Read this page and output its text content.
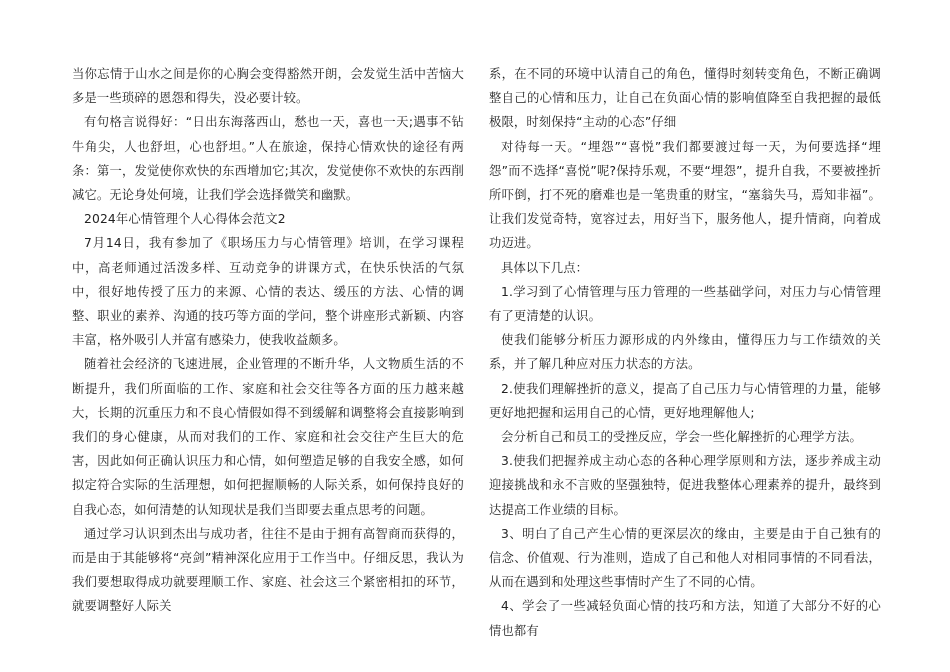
当你忘情于山水之间是你的心胸会变得豁然开朗，会发觉生活中苦恼大多是一些琐碎的恩怨和得失，没必要计较。

有句格言说得好：“日出东海落西山，愁也一天，喜也一天;遇事不钻牛角尖，人也舒坦，心也舒坦。”人在旅途，保持心情欢快的途径有两条：第一，发觉使你欢快的东西增加它;其次，发觉使你不欢快的东西削减它。无论身处何境，让我们学会选择微笑和幽默。

2024年心情管理个人心得体会范文2

7月14日，我有参加了《职场压力与心情管理》培训，在学习课程中，高老师通过活泼多样、互动竞争的讲课方式，在快乐快活的气氛中，很好地传授了压力的来源、心情的表达、缓压的方法、心情的调整、职业的素养、沟通的技巧等方面的学问，整个讲座形式新颖、内容丰富，格外吸引人并富有感染力，使我收益颇多。

随着社会经济的飞速进展，企业管理的不断升华，人文物质生活的不断提升，我们所面临的工作、家庭和社会交往等各方面的压力越来越大，长期的沉重压力和不良心情假如得不到缓解和调整将会直接影响到我们的身心健康，从而对我们的工作、家庭和社会交往产生巨大的危害，因此如何正确认识压力和心情，如何塑造足够的自我安全感，如何拟定符合实际的生活理想，如何把握顺畅的人际关系，如何保持良好的自我心态，如何清楚的认知现状是我们当即要去重点思考的问题。

通过学习认识到杰出与成功者，往往不是由于拥有高智商而获得的，而是由于其能够将“亮剑”精神深化应用于工作当中。仔细反思，我认为我们要想取得成功就要理顺工作、家庭、社会这三个紧密相扣的环节，就要调整好人际关

系，在不同的环境中认清自己的角色，懂得时刻转变角色，不断正确调整自己的心情和压力，让自己在负面心情的影响值降至自我把握的最低极限，时刻保持“主动的心态”仔细

对待每一天。“埋怨”“喜悦”我们都要渡过每一天，为何要选择“埋怨”而不选择“喜悦”呢?保持乐观，不要“埋怨”，提升自我，不要被挫折所吓倒，打不死的磨难也是一笔贵重的财宝，“塞翁失马，焉知非福”。让我们发觉奇特，宽容过去，用好当下，服务他人，提升情商，向着成功迈进。

具体以下几点：

1.学习到了心情管理与压力管理的一些基础学问，对压力与心情管理有了更清楚的认识。

使我们能够分析压力源形成的内外缘由，懂得压力与工作绩效的关系，并了解几种应对压力状态的方法。

2.使我们理解挫折的意义，提高了自己压力与心情管理的力量，能够更好地把握和运用自己的心情，更好地理解他人;

会分析自己和员工的受挫反应，学会一些化解挫折的心理学方法。

3.使我们把握养成主动心态的各种心理学原则和方法，逐步养成主动迎接挑战和永不言败的坚强独特，促进我整体心理素养的提升，最终到达提高工作业绩的目标。

3、明白了自己产生心情的更深层次的缘由，主要是由于自己独有的信念、价值观、行为准则，造成了自己和他人对相同事情的不同看法，从而在遇到和处理这些事情时产生了不同的心情。

4、学会了一些减轻负面心情的技巧和方法，知道了大部分不好的心情也都有
